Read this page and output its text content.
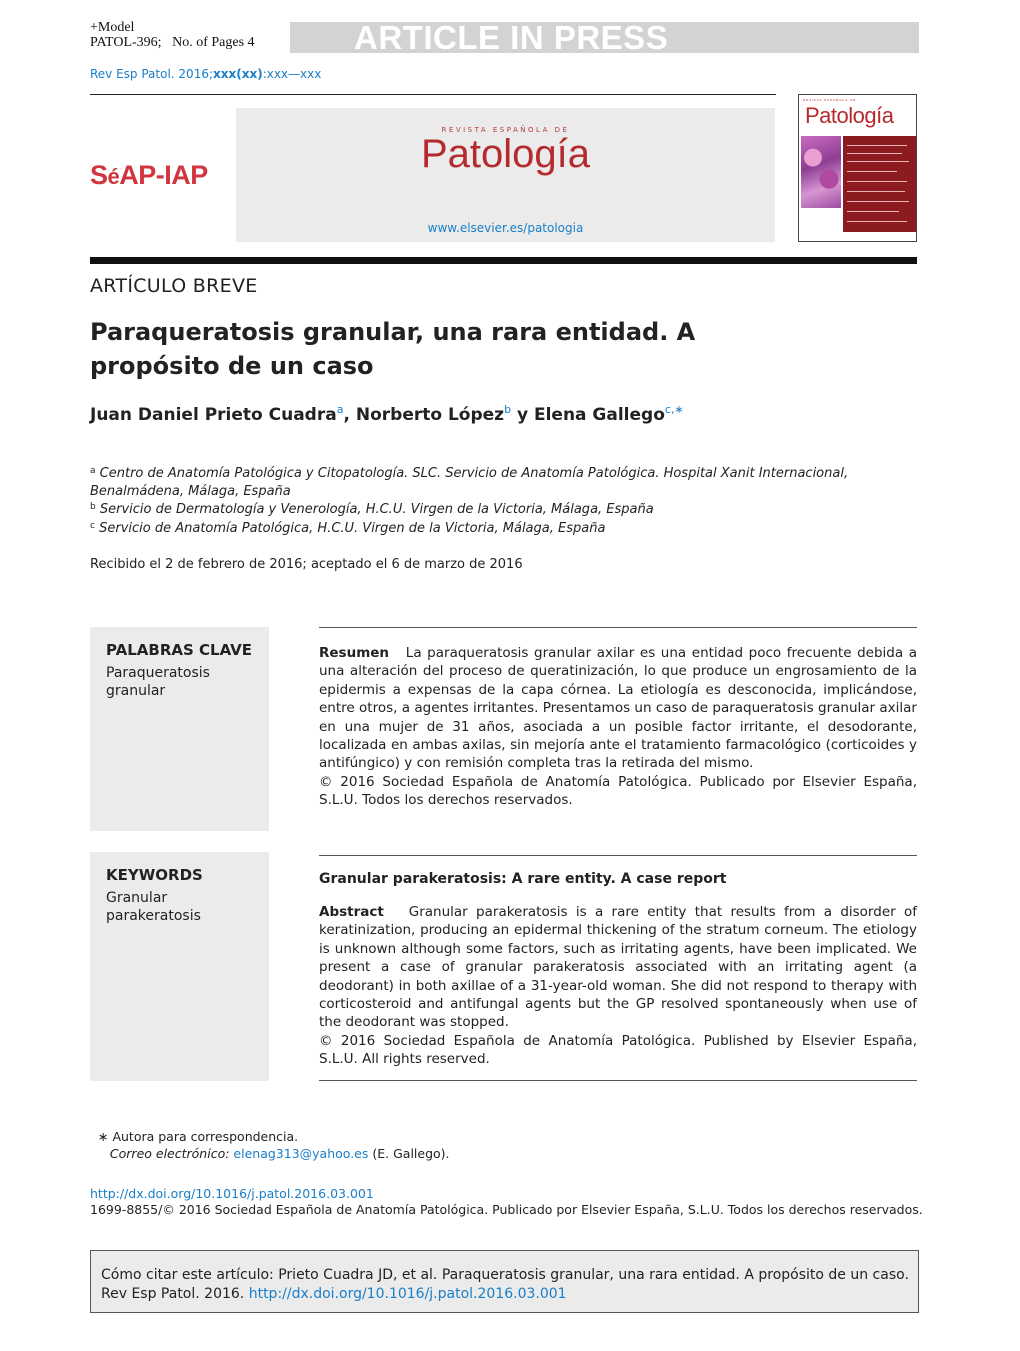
+Model
PATOL-396; No. of Pages 4	ARTICLE IN PRESS
Rev Esp Patol. 2016;xxx(xx):xxx—xxx
SéAP-IAP
REVISTA ESPAÑOLA DE
Patología
www.elsevier.es/patologia
REVISTA ESPAÑOLA DE
Patología
ARTÍCULO BREVE
Paraqueratosis granular, una rara entidad. A propósito de un caso
Juan Daniel Prieto Cuadra$^a$, Norberto López$^b$ y Elena Gallego$^{c,∗}$
$^a$ Centro de Anatomía Patológica y Citopatología. SLC. Servicio de Anatomía Patológica. Hospital Xanit Internacional, Benalmádena, Málaga, España
$^b$ Servicio de Dermatología y Venerología, H.C.U. Virgen de la Victoria, Málaga, España
$^c$ Servicio de Anatomía Patológica, H.C.U. Virgen de la Victoria, Málaga, España
Recibido el 2 de febrero de 2016; aceptado el 6 de marzo de 2016
PALABRAS CLAVE
Paraqueratosis
granular
Resumen La paraqueratosis granular axilar es una entidad poco frecuente debida a una alteración del proceso de queratinización, lo que produce un engrosamiento de la epidermis a expensas de la capa córnea. La etiología es desconocida, implicándose, entre otros, a agentes irritantes. Presentamos un caso de paraqueratosis granular axilar en una mujer de 31 años, asociada a un posible factor irritante, el desodorante, localizada en ambas axilas, sin mejoría ante el tratamiento farmacológico (corticoides y antifúngico) y con remisión completa tras la retirada del mismo.
© 2016 Sociedad Española de Anatomía Patológica. Publicado por Elsevier España, S.L.U. Todos los derechos reservados.
KEYWORDS
Granular
parakeratosis
Granular parakeratosis: A rare entity. A case report
Abstract Granular parakeratosis is a rare entity that results from a disorder of keratinization, producing an epidermal thickening of the stratum corneum. The etiology is unknown although some factors, such as irritating agents, have been implicated. We present a case of granular parakeratosis associated with an irritating agent (a deodorant) in both axillae of a 31-year-old woman. She did not respond to therapy with corticosteroid and antifungal agents but the GP resolved spontaneously when use of the deodorant was stopped.
© 2016 Sociedad Española de Anatomía Patológica. Published by Elsevier España, S.L.U. All rights reserved.
∗ Autora para correspondencia.
Correo electrónico: elenag313@yahoo.es (E. Gallego).
http://dx.doi.org/10.1016/j.patol.2016.03.001
1699-8855/© 2016 Sociedad Española de Anatomía Patológica. Publicado por Elsevier España, S.L.U. Todos los derechos reservados.
Cómo citar este artículo: Prieto Cuadra JD, et al. Paraqueratosis granular, una rara entidad. A propósito de un caso. Rev Esp Patol. 2016. http://dx.doi.org/10.1016/j.patol.2016.03.001
